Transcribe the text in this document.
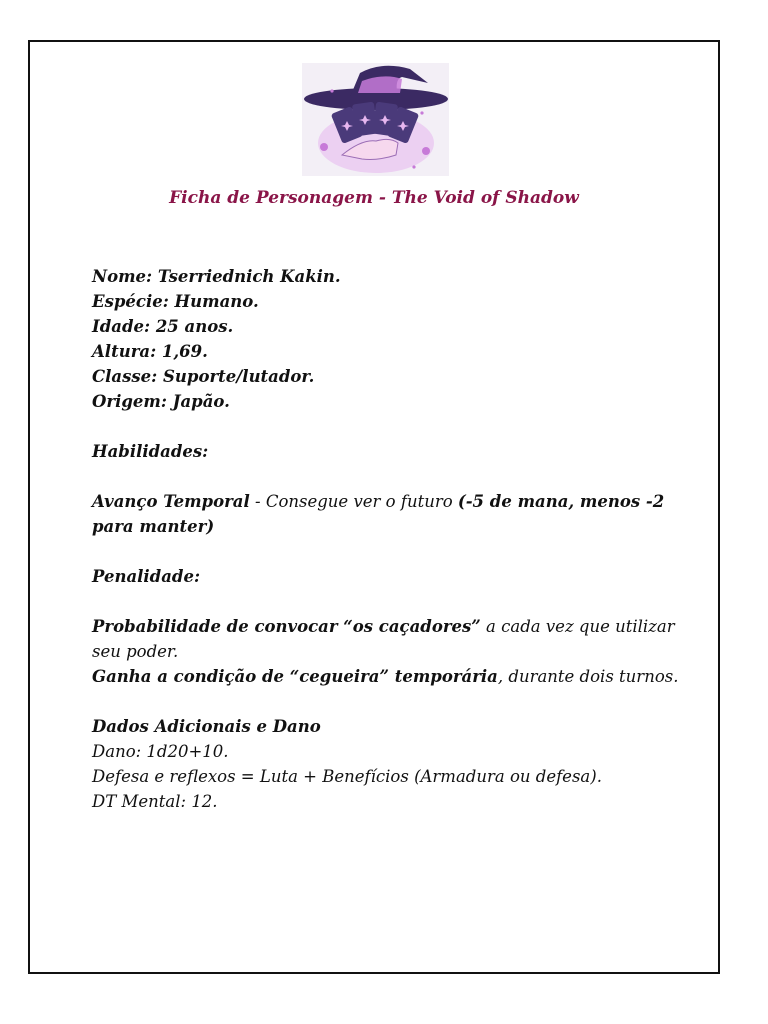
Ficha de Personagem - The Void of Shadow

Nome: Tserriednich Kakin.

Espécie: Humano.

Idade: 25 anos.

Altura: 1,69.

Classe: Suporte/lutador.

Origem: Japão.

Habilidades:

Avanço Temporal - Consegue ver o futuro (-5 de mana, menos -2 para manter)

Penalidade:

Probabilidade de convocar “os caçadores” a cada vez que utilizar seu poder.

Ganha a condição de “cegueira” temporária, durante dois turnos.

Dados Adicionais e Dano

Dano: 1d20+10.

Defesa e reflexos = Luta + Benefícios (Armadura ou defesa).

DT Mental: 12.
